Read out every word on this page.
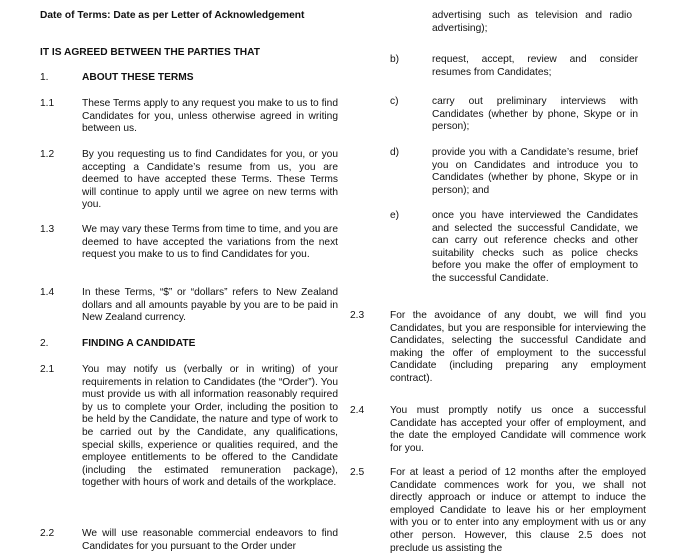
Date of Terms: Date as per Letter of Acknowledgement
IT IS AGREED BETWEEN THE PARTIES THAT
1.	ABOUT THESE TERMS
1.1	These Terms apply to any request you make to us to find Candidates for you, unless otherwise agreed in writing between us.
1.2	By you requesting us to find Candidates for you, or you accepting a Candidate’s resume from us, you are deemed to have accepted these Terms. These Terms will continue to apply until we agree on new terms with you.
1.3	We may vary these Terms from time to time, and you are deemed to have accepted the variations from the next request you make to us to find Candidates for you.
1.4	In these Terms, “$” or “dollars” refers to New Zealand dollars and all amounts payable by you are to be paid in New Zealand currency.
2.	FINDING A CANDIDATE
2.1	You may notify us (verbally or in writing) of your requirements in relation to Candidates (the “Order”). You must provide us with all information reasonably required by us to complete your Order, including the position to be held by the Candidate, the nature and type of work to be carried out by the Candidate, any qualifications, special skills, experience or qualities required, and the employee entitlements to be offered to the Candidate (including the estimated remuneration package), together with hours of work and details of the workplace.
2.2	We will use reasonable commercial endeavors to find Candidates for you pursuant to the Order under
advertising such as television and radio advertising);
b)	request, accept, review and consider resumes from Candidates;
c)	carry out preliminary interviews with Candidates (whether by phone, Skype or in person);
d)	provide you with a Candidate’s resume, brief you on Candidates and introduce you to Candidates (whether by phone, Skype or in person); and
e)	once you have interviewed the Candidates and selected the successful Candidate, we can carry out reference checks and other suitability checks such as police checks before you make the offer of employment to the successful Candidate.
2.3	For the avoidance of any doubt, we will find you Candidates, but you are responsible for interviewing the Candidates, selecting the successful Candidate and making the offer of employment to the successful Candidate (including preparing any employment contract).
2.4	You must promptly notify us once a successful Candidate has accepted your offer of employment, and the date the employed Candidate will commence work for you.
2.5	For at least a period of 12 months after the employed Candidate commences work for you, we shall not directly approach or induce or attempt to induce the employed Candidate to leave his or her employment with you or to enter into any employment with us or any other person. However, this clause 2.5 does not preclude us assisting the
